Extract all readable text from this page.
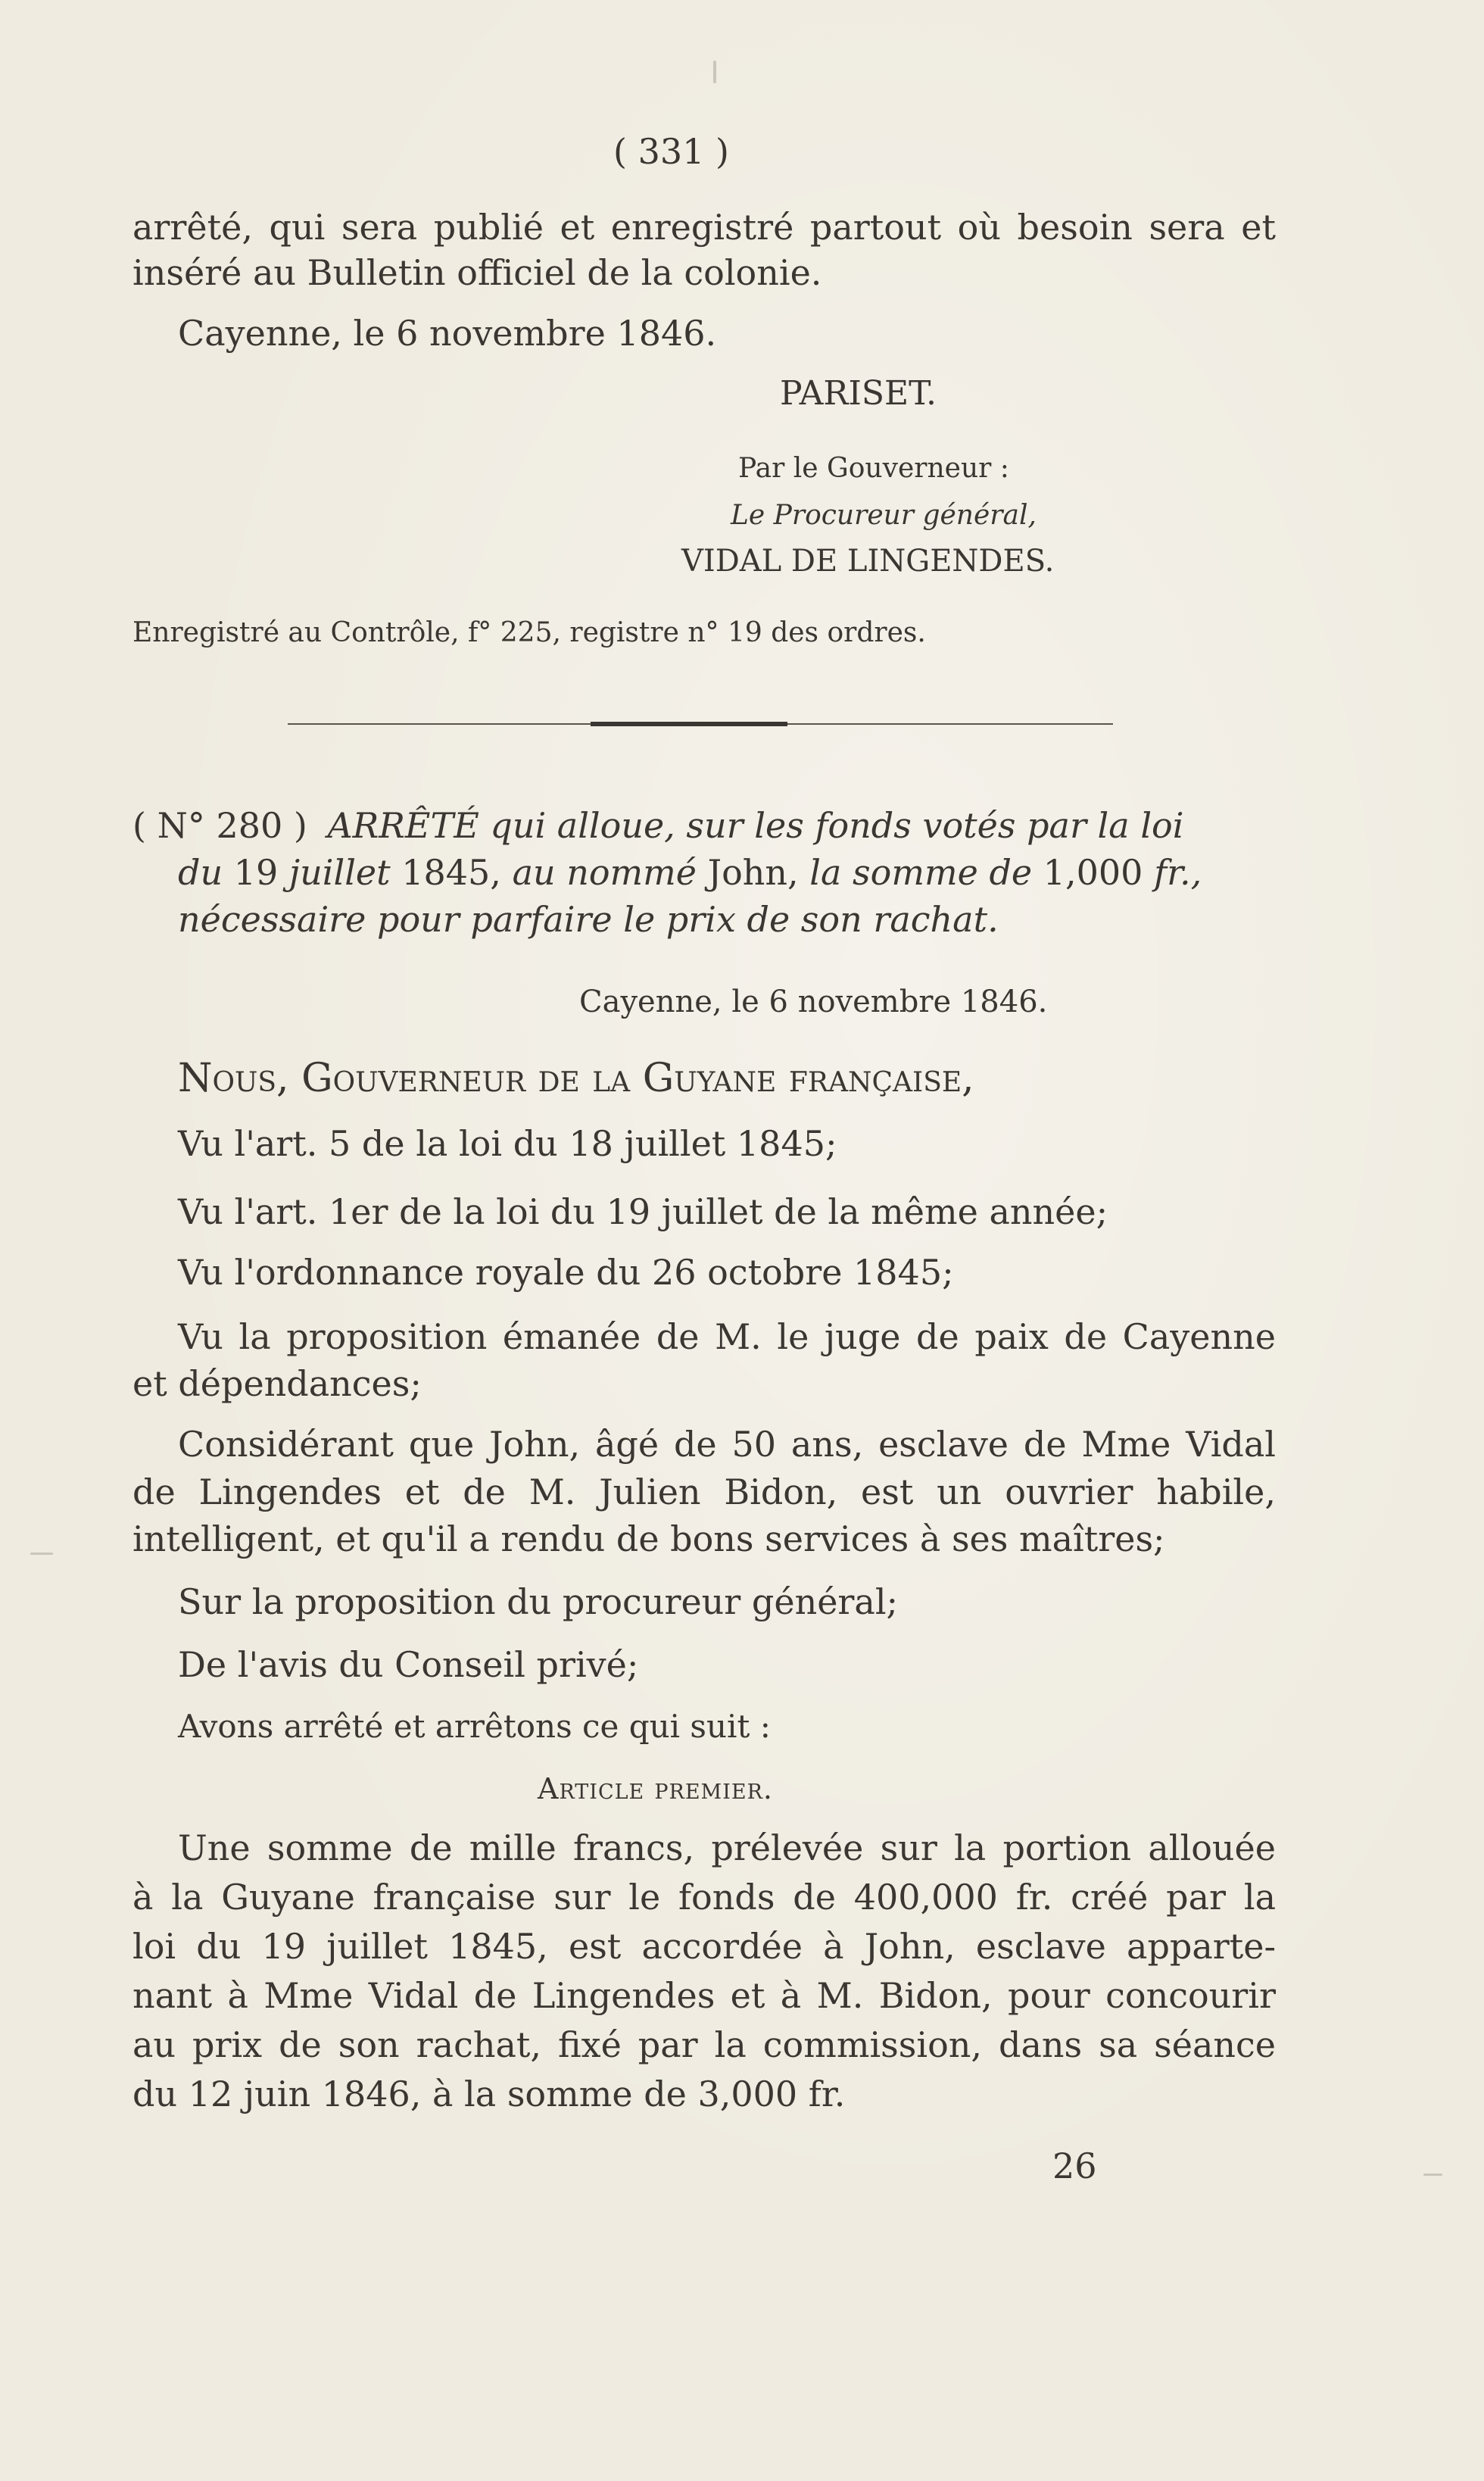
( 331 )
arrêté, qui sera publié et enregistré partout où besoin sera et
inséré au Bulletin officiel de la colonie.
Cayenne, le 6 novembre 1846.
PARISET.
Par le Gouverneur :
Le Procureur général,
VIDAL DE LINGENDES.
Enregistré au Contrôle, f° 225, registre n° 19 des ordres.
( N° 280 ) ARRÊTÉ qui alloue, sur les fonds votés par la loi
du 19 juillet 1845, au nommé John, la somme de 1,000 fr.,
nécessaire pour parfaire le prix de son rachat.
Cayenne, le 6 novembre 1846.
Nous, Gouverneur de la Guyane française,
Vu l'art. 5 de la loi du 18 juillet 1845;
Vu l'art. 1er de la loi du 19 juillet de la même année;
Vu l'ordonnance royale du 26 octobre 1845;
Vu la proposition émanée de M. le juge de paix de Cayenne
et dépendances;
Considérant que John, âgé de 50 ans, esclave de Mme Vidal
de Lingendes et de M. Julien Bidon, est un ouvrier habile,
intelligent, et qu'il a rendu de bons services à ses maîtres;
Sur la proposition du procureur général;
De l'avis du Conseil privé;
Avons arrêté et arrêtons ce qui suit :
Article premier.
Une somme de mille francs, prélevée sur la portion allouée
à la Guyane française sur le fonds de 400,000 fr. créé par la
loi du 19 juillet 1845, est accordée à John, esclave apparte-
nant à Mme Vidal de Lingendes et à M. Bidon, pour concourir
au prix de son rachat, fixé par la commission, dans sa séance
du 12 juin 1846, à la somme de 3,000 fr.
26
